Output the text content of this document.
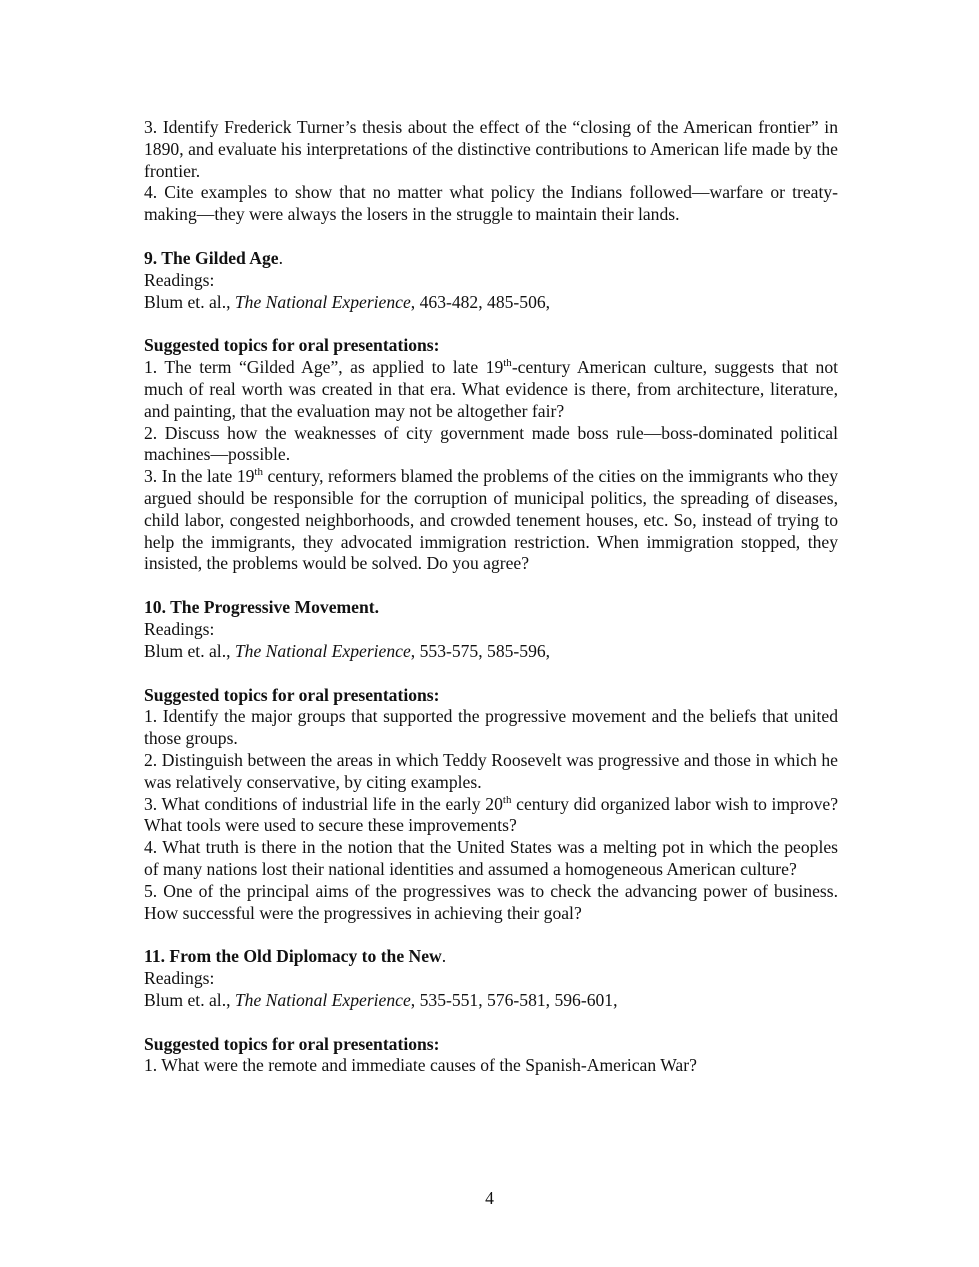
3. Identify Frederick Turner’s thesis about the effect of the “closing of the American frontier” in 1890, and evaluate his interpretations of the distinctive contributions to American life made by the frontier.

4. Cite examples to show that no matter what policy the Indians followed—warfare or treaty-making—they were always the losers in the struggle to maintain their lands.

9. The Gilded Age.

Readings:

Blum et. al., The National Experience, 463-482, 485-506,

Suggested topics for oral presentations:

1. The term “Gilded Age”, as applied to late 19th-century American culture, suggests that not much of real worth was created in that era. What evidence is there, from architecture, literature, and painting, that the evaluation may not be altogether fair?

2. Discuss how the weaknesses of city government made boss rule—boss-dominated political machines—possible.

3. In the late 19th century, reformers blamed the problems of the cities on the immigrants who they argued should be responsible for the corruption of municipal politics, the spreading of diseases, child labor, congested neighborhoods, and crowded tenement houses, etc. So, instead of trying to help the immigrants, they advocated immigration restriction. When immigration stopped, they insisted, the problems would be solved. Do you agree?

10. The Progressive Movement.

Readings:

Blum et. al., The National Experience, 553-575, 585-596,

Suggested topics for oral presentations:

1. Identify the major groups that supported the progressive movement and the beliefs that united those groups.

2. Distinguish between the areas in which Teddy Roosevelt was progressive and those in which he was relatively conservative, by citing examples.

3. What conditions of industrial life in the early 20th century did organized labor wish to improve? What tools were used to secure these improvements?

4. What truth is there in the notion that the United States was a melting pot in which the peoples of many nations lost their national identities and assumed a homogeneous American culture?

5. One of the principal aims of the progressives was to check the advancing power of business. How successful were the progressives in achieving their goal?

11. From the Old Diplomacy to the New.

Readings:

Blum et. al., The National Experience, 535-551, 576-581, 596-601,

Suggested topics for oral presentations:

1. What were the remote and immediate causes of the Spanish-American War?

4
